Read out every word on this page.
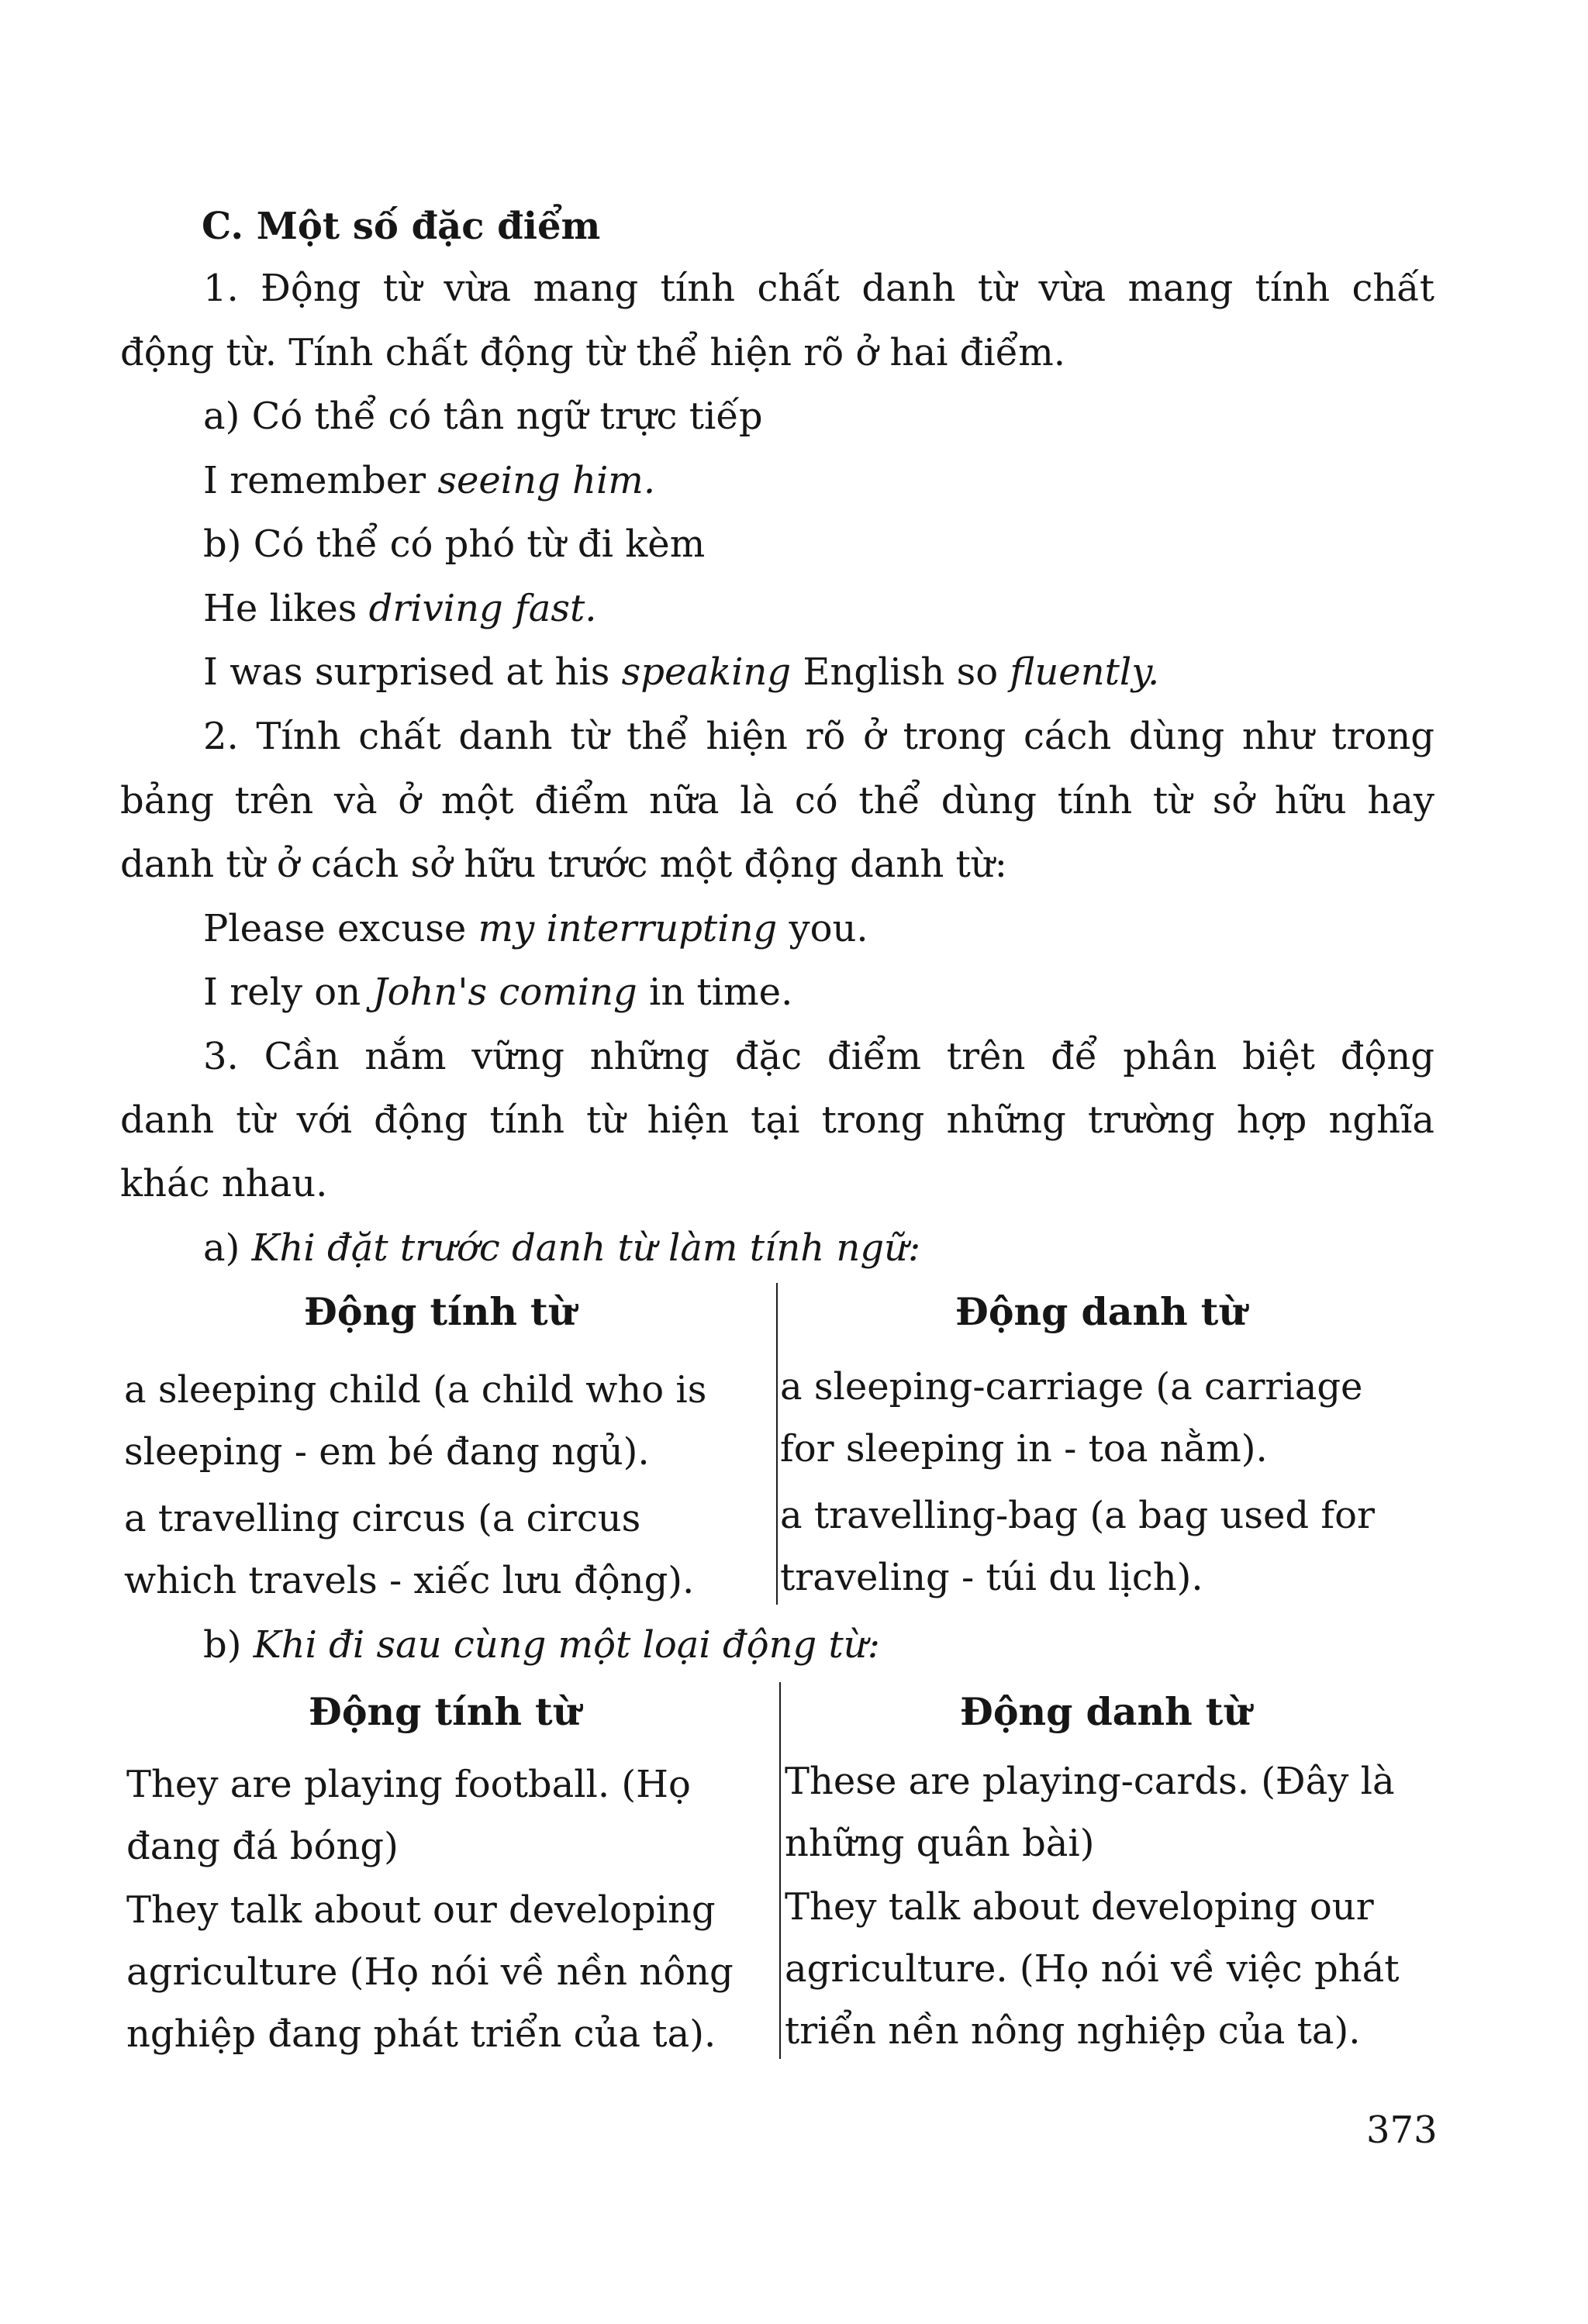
C. Một số đặc điểm

1. Động từ vừa mang tính chất danh từ vừa mang tính chất

động từ. Tính chất động từ thể hiện rõ ở hai điểm.

a) Có thể có tân ngữ trực tiếp

I remember seeing him.

b) Có thể có phó từ đi kèm

He likes driving fast.

I was surprised at his speaking English so fluently.

2. Tính chất danh từ thể hiện rõ ở trong cách dùng như trong

bảng trên và ở một điểm nữa là có thể dùng tính từ sở hữu hay

danh từ ở cách sở hữu trước một động danh từ:

Please excuse my interrupting you.

I rely on John's coming in time.

3. Cần nắm vững những đặc điểm trên để phân biệt động

danh từ với động tính từ hiện tại trong những trường hợp nghĩa

khác nhau.

a) Khi đặt trước danh từ làm tính ngữ:

Động tính từ	Động danh từ
a sleeping child (a child who is
sleeping - em bé đang ngủ).
a sleeping-carriage (a carriage
for sleeping in - toa nằm).
a travelling circus (a circus
which travels - xiếc lưu động).
a travelling-bag (a bag used for
traveling - túi du lịch).

b) Khi đi sau cùng một loại động từ:

Động tính từ	Động danh từ
They are playing football. (Họ
đang đá bóng)
These are playing-cards. (Đây là
những quân bài)
They talk about our developing
agriculture (Họ nói về nền nông
nghiệp đang phát triển của ta).
They talk about developing our
agriculture. (Họ nói về việc phát
triển nền nông nghiệp của ta).
373
